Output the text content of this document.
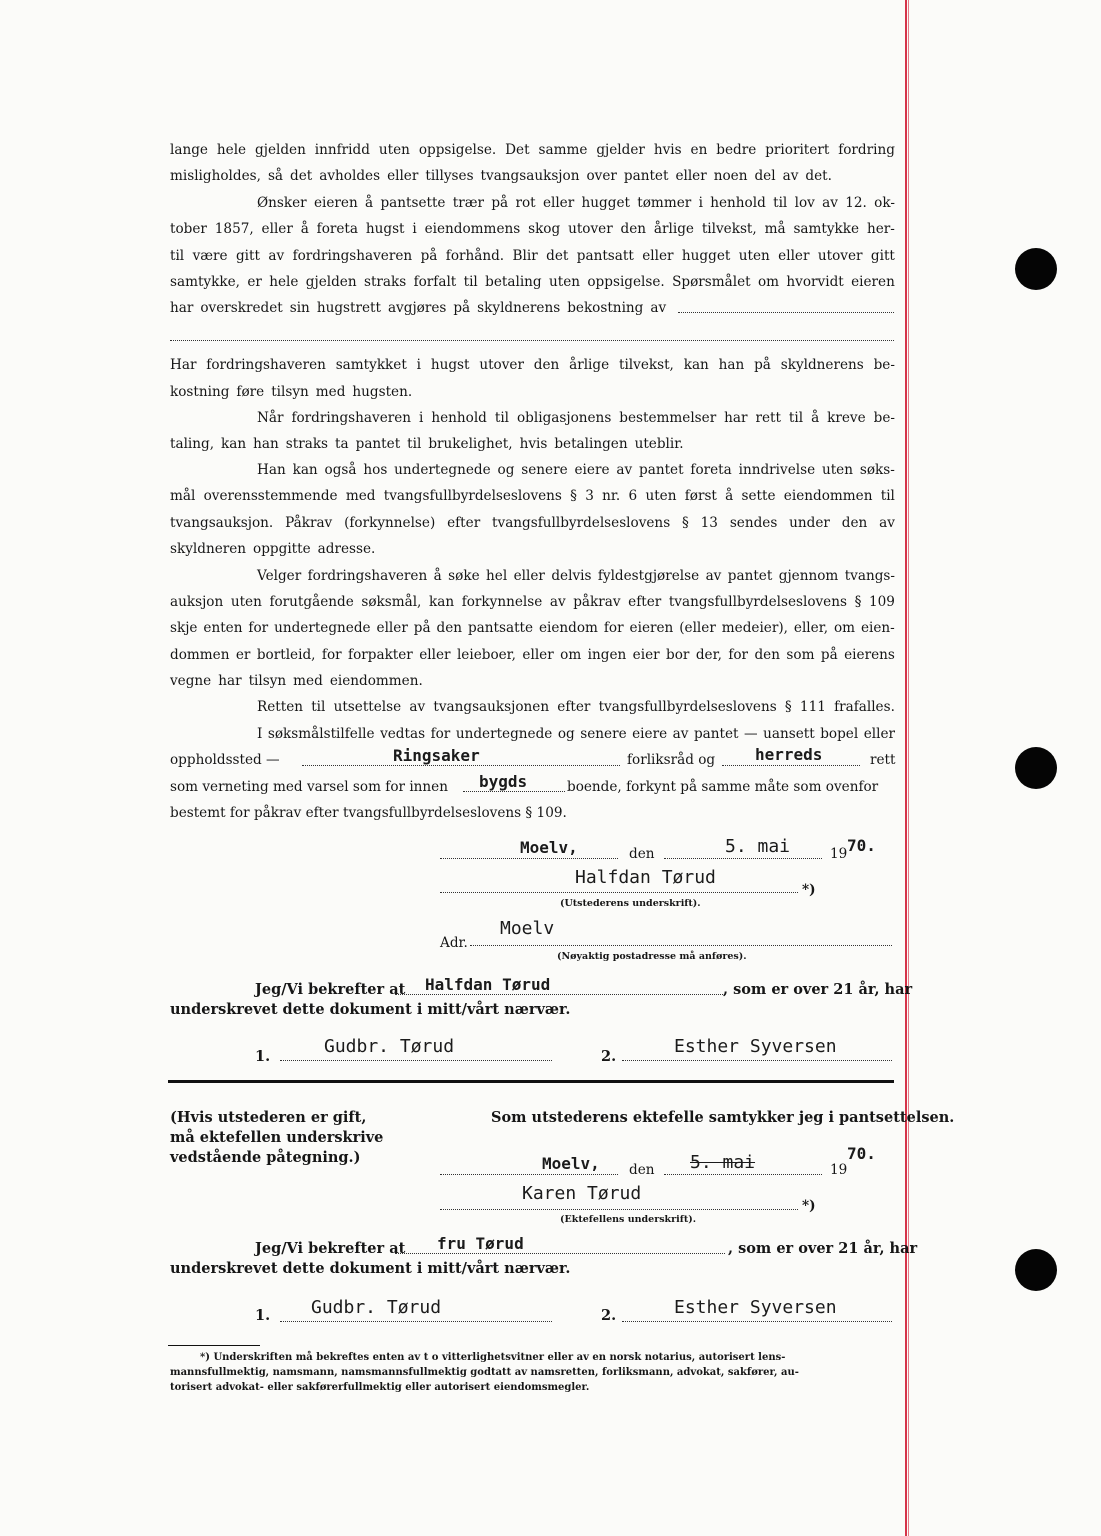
lange hele gjelden innfridd uten oppsigelse. Det samme gjelder hvis en bedre prioritert fordring
misligholdes, så det avholdes eller tillyses tvangsauksjon over pantet eller noen del av det.
Ønsker eieren å pantsette trær på rot eller hugget tømmer i henhold til lov av 12. ok-
tober 1857, eller å foreta hugst i eiendommens skog utover den årlige tilvekst, må samtykke her-
til være gitt av fordringshaveren på forhånd. Blir det pantsatt eller hugget uten eller utover gitt
samtykke, er hele gjelden straks forfalt til betaling uten oppsigelse. Spørsmålet om hvorvidt eieren
har overskredet sin hugstrett avgjøres på skyldnerens bekostning av
Har fordringshaveren samtykket i hugst utover den årlige tilvekst, kan han på skyldnerens be-
kostning føre tilsyn med hugsten.
Når fordringshaveren i henhold til obligasjonens bestemmelser har rett til å kreve be-
taling, kan han straks ta pantet til brukelighet, hvis betalingen uteblir.
Han kan også hos undertegnede og senere eiere av pantet foreta inndrivelse uten søks-
mål overensstemmende med tvangsfullbyrdelseslovens § 3 nr. 6 uten først å sette eiendommen til
tvangsauksjon. Påkrav (forkynnelse) efter tvangsfullbyrdelseslovens § 13 sendes under den av
skyldneren oppgitte adresse.
Velger fordringshaveren å søke hel eller delvis fyldestgjørelse av pantet gjennom tvangs-
auksjon uten forutgående søksmål, kan forkynnelse av påkrav efter tvangsfullbyrdelseslovens § 109
skje enten for undertegnede eller på den pantsatte eiendom for eieren (eller medeier), eller, om eien-
dommen er bortleid, for forpakter eller leieboer, eller om ingen eier bor der, for den som på eierens
vegne har tilsyn med eiendommen.
Retten til utsettelse av tvangsauksjonen efter tvangsfullbyrdelseslovens § 111 frafalles.
I søksmålstilfelle vedtas for undertegnede og senere eiere av pantet — uansett bopel eller
oppholdssted —	Ringsaker	forliksråd og herreds	rett
som verneting med varsel som for innen bygds	boende, forkynt på samme måte som ovenfor
bestemt for påkrav efter tvangsfullbyrdelseslovens § 109.
Moelv,	den	5. mai	19 70.
Halfdan Tørud
*)
(Utstederens underskrift).
Adr.
Moelv
(Nøyaktig postadresse må anføres).
Jeg/Vi bekrefter at Halfdan Tørud	, som er over 21 år, har
underskrevet dette dokument i mitt/vårt nærvær.
1.	Gudbr. Tørud	2.	Esther Syversen
(Hvis utstederen er gift,
må ektefellen underskrive
vedstående påtegning.)
Som utstederens ektefelle samtykker jeg i pantsettelsen.
Moelv, den 5. mai	19
70.
Karen Tørud
*)
(Ektefellens underskrift).
Jeg/Vi bekrefter at fru Tørud	, som er over 21 år, har
underskrevet dette dokument i mitt/vårt nærvær.
1. Gudbr. Tørud	2.	Esther Syversen
*) Underskriften må bekreftes enten av t o vitterlighetsvitner eller av en norsk notarius, autorisert lens-
mannsfullmektig, namsmann, namsmannsfullmektig godtatt av namsretten, forliksmann, advokat, sakfører, au-
torisert advokat- eller sakførerfullmektig eller autorisert eiendomsmegler.
